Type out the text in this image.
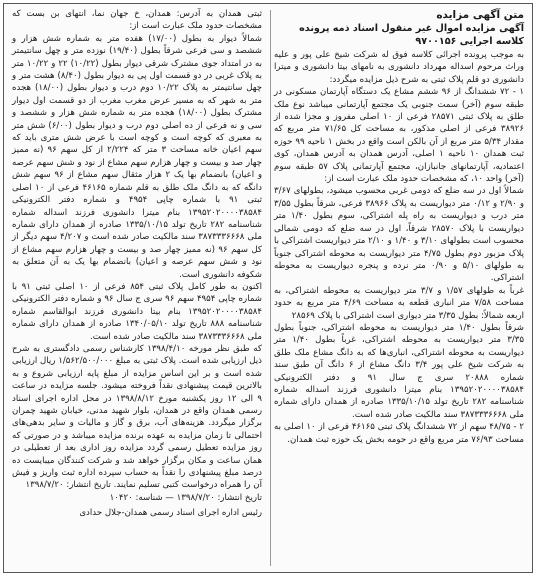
متن آگهی مزایده

آگهی مزایده اموال غیر منقول اسناد ذمه پرونده کلاسه اجرایی ۹۷۰۰۱۵۶

به موجب پرونده اجرائی کلاسه فوق له شرکت شیخ علی پور و علیه وراث مرحوم اسداله مهرداد دانشوری به نامهای بیتا دانشوری و میترا دانشوری دو قلم پلاک ثبتی به شرح ذیل مزایده میگردد:

۱ - ۷۲ ششدانگ از ۹۶ ششم مشاع یک دستگاه آپارتمان مسکونی در طبقه سوم (آخر) سمت جنوبی یک مجتمع آپارتمانی میباشد نوع ملک طلق به پلاک ثبتی ۲۸۵۷۱ فرعی از ۱۰ اصلی مفروز و مجزا شده از ۳۸۹۲۶ فرعی از اصلی مذکور، به مساحت کل ۷۱/۶۵ متر مربع که مقدار ۵/۳۴ متر مربع از آن بالکن است واقع در بخش ۱ ناحیه ۹۹ حوزه ثبت همدان ۱۰ ناحیه ۱ اصلی، آدرس همدان به آدرس همدان، کوی اعتمادیه، آپارتمانهای جانبازان، مجتمع آپارتمانی پلاک ۵۷ طبقه سوم (آخر) واحد ۱۰، که مشخصات حدود ملک عبارت است از:

شمالاً اول در سه ضلع که دومی غربی محسوب میشود، بطولهای ۳/۶۷ و ۲/۹۰ و ۰/۱۲ متر دیواریست به پلاک ۳۸۹۶۶ فرعی، شرقاً بطول ۳/۵۵ متر درب و دیواریست به راه پله اشتراکی، سوم بطول ۱/۴۰ متر دیواریست با پلاک ۲۸۵۷۰ شرقاً، اول در سه ضلع که دومی شمالی محسوب است بطولهای ۳/۱۰ و ۱/۴۰ و ۲/۱۰ متر دیواریست اشتراکی با پلاک مزبور دوم بطول ۴/۷۵ متر دیواریست به محوطه اشتراکی جنوباً به طولهای ۵/۱۰ و ۰/۹۰ متر نرده و پنجره دیواریست به محوطه اشتراکی.

غرباً به طولهای ۱/۵۷ و ۳/۷ متر دیواریست به محوطه اشتراکی، به مساحت ۷/۵۸ متر انباری قطعه به مساحت ۴/۶۹ متر مربع به حدود اربعه شمالاً: بطول ۳/۳۵ متر دیواری است اشتراکی با پلاک ۲۸۵۶۹

شرقاً بطول ۱/۴۰ متر دیواریست به محوطه اشتراکی، جنوباً بطول ۳/۳۵ متر دیواریست به محوطه اشتراکی، غرباً بطول ۱/۴۰ متر دیواریست به محوطه اشتراکی، انباری‌ها که به دانگ مشاع ملک طلق به شرکت شیخ علی پور ۳/۴ دانگ مشاع از ۶ دانگ آن طبق سند شماره ۲۰۸۸۸ سری ج سال ۹۱ و دفتر الکترونیکی ۱۳۹۵۲۰۲۰۰۰۰۳۸۵۸۴ بنام میترا دانشوری فرزند اسداله شماره شناسنامه ۲۸۲ تاریخ تولد ۱۳۳۵/۱۰/۱۵ صادره از همدان دارای شماره ملی ۳۸۷۳۳۳۶۶۶۸ سند مالکیت صادر شده است.

۲ - ۴۸/۷۵ سهم از ۷۲ ششدانگ پلاک ثبتی ۴۶۱۶۵ فرعی از ۱۰ اصلی به مساحت ۷۶/۹۳ متر مربع واقع در حومه بخش یک حوزه ثبت همدان.

ثبتی همدان به آدرس: همدان، خ جهان نما، انتهای بن بست که مشخصات حدود ملک عبارت است از:

شمالاً دیوار به بطول (۱۷/۰۰) هفده متر به شماره شش هزار و ششصد و سی فرعی شرقاً بطول (۱۹/۴۰) نوزده متر و چهل سانتیمتر به در امتداد جوی مشترک شرقی دیوار بطول (۱۰/۲۲) ۲۲ و ۱۰/۲۲ متر به پلاک غربی در دو قسمت اول پی به دیوار بطول (۸/۴۰) هشت متر و چهل سانتیمتر به پلاک ۱۰/۲۲ دوم درب و دیوار بطول (۱۸/۰۰) هجده متر به شهر که به مسیر عرض مغرب مغرب از دو قسمت اول دیوار مشترک بطول (۱۸/۰۰) هجده متر به شماره شش هزار و ششصد و سی و نه فرعی از ده اصلی دوم درب و دیوار بطول (۶/۰۰) شش متر به معبری که کوچه است و کوچه است با عرض شش متری باید که سهم اعیان خانه مساحت ۳ متر که ۲/۲۲۴ از کل سهم ۹۶ (نه ممیز چهار صد و بیست و چهار هزارم سهم مشاع از نود و شش سهم عرصه و اعیان) بانضمام بها یک ۲ هزار مثقال سهم مشاع از ۹۶ سهم شش دانگه که به دانگ ملک طلق به قلم شماره ۴۶۱۶۵ فرعی از ۱۰ اصلی ثبتی ۹۱ با شماره چاپی ۴۹۵۴ و شماره دفتر الکترونیکی ۱۳۹۵۲۰۲۰۰۰۰۳۸۵۸۴ بنام میترا دانشوری فرزند اسداله شماره شناسنامه ۲۸۲ تاریخ تولد ۱۳۳۵/۱۰/۱۵ صادره از همدان دارای شماره ملی ۳۸۷۳۳۳۶۶۶۸ سند مالکیت صادر شده است و ۴/۲۰۷ سهم دیگر از کل سهم ۹۶ (نه ممیز چهار صد و بیست و چهار هزارم سهم مشاع از نود و شش سهم عرصه و اعیان) بانضمام بها یک به آن متعلق به شکوفه دانشوری است.

اکنون به طور کامل پلاک ثبتی ۸۵۴ فرعی از ۱۰ اصلی ثبتی ۹۱ با شماره چاپی ۴۹۵۴ سهم ۹۶ سری ج سال ۹۶ و شماره دفتر الکترونیکی ۱۳۹۵۲۰۲۰۰۰۰۳۸۵۸۴ بنام بیتا دانشوری فرزند ابوالقاسم شماره شناسنامه ۸۸۸ تاریخ تولد ۱۳۴۰/۰۵/۱۰ صادره از همدان دارای شماره ملی ۳۸۷۳۳۳۶۶۶۸ سند مالکیت صادر شده است.

که طبق نظر مورخه ۱۳۹۸/۴/۱۰ کارشناس رسمی دادگستری به شرح ذیل ارزیابی شده است. پلاک ثبتی به مبلغ ۱/۵۶۲/۵۰۰/۰۰۰ ریال ارزیابی شده است و بر این اساس مزایده از مبلغ پایه ارزیابی شروع و به بالاترین قیمت پیشنهادی نقداً فروخته میشود. جلسه مزایده در ساعت ۹ الی ۱۲ روز یکشنبه مورخ ۱۳۹۸/۸/۱۲ در محل اداره اجرای اسناد رسمی همدان واقع در همدان، بلوار شهید مدنی، خیابان شهید چمران برگزار میگردد. هزینه‌های آب، برق و گاز و مالیات و سایر بدهی‌های احتمالی تا زمان مزایده به عهده برنده مزایده میباشد و در صورتی که روز مزایده تعطیل رسمی گردد مزایده روز اداری بعد از تعطیلی در همان ساعت و مکان برگزار خواهد شد و شرکت کنندگان میبایست ده درصد مبلغ پیشنهادی را نقداً به حساب سپرده اداره ثبت واریز و فیش آن را همراه درخواست کتبی تسلیم نمایند. تاریخ انتشار: ۱۳۹۸/۷/۲۰

تاریخ انتشار: ۱۳۹۸/۷/۲۰ — شناسه: ۱۰۴۲۰

رئیس اداره اجرای اسناد رسمی همدان-جلال حدادی
